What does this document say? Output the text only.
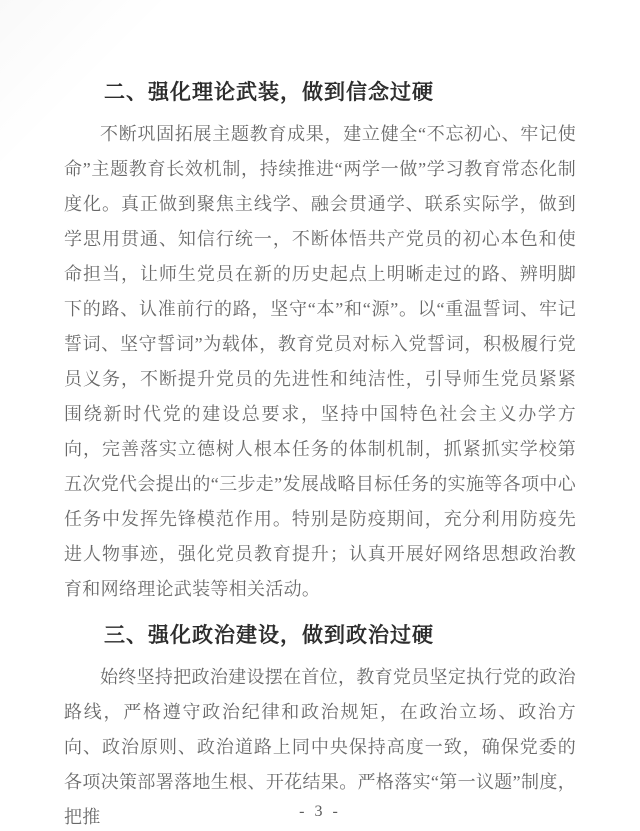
二、强化理论武装，做到信念过硬

不断巩固拓展主题教育成果，建立健全“不忘初心、牢记使命”主题教育长效机制，持续推进“两学一做”学习教育常态化制度化。真正做到聚焦主线学、融会贯通学、联系实际学，做到学思用贯通、知信行统一，不断体悟共产党员的初心本色和使命担当，让师生党员在新的历史起点上明晰走过的路、辨明脚下的路、认准前行的路，坚守“本”和“源”。以“重温誓词、牢记誓词、坚守誓词”为载体，教育党员对标入党誓词，积极履行党员义务，不断提升党员的先进性和纯洁性，引导师生党员紧紧围绕新时代党的建设总要求，坚持中国特色社会主义办学方向，完善落实立德树人根本任务的体制机制，抓紧抓实学校第五次党代会提出的“三步走”发展战略目标任务的实施等各项中心任务中发挥先锋模范作用。特别是防疫期间，充分利用防疫先进人物事迹，强化党员教育提升；认真开展好网络思想政治教育和网络理论武装等相关活动。

三、强化政治建设，做到政治过硬

始终坚持把政治建设摆在首位，教育党员坚定执行党的政治路线，严格遵守政治纪律和政治规矩，在政治立场、政治方向、政治原则、政治道路上同中央保持高度一致，确保党委的各项决策部署落地生根、开花结果。严格落实“第一议题”制度，把推	- 3 -
